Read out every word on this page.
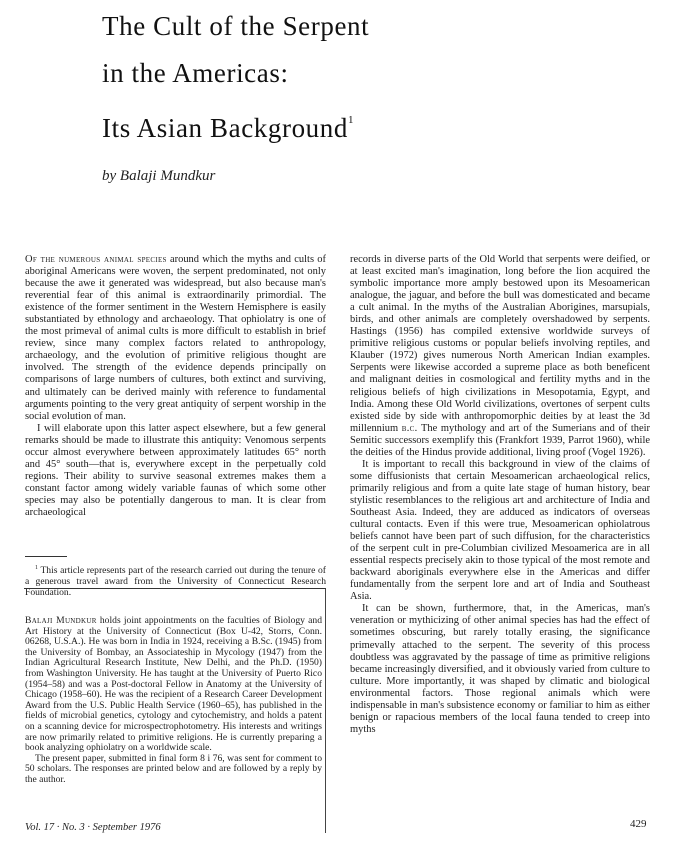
The Cult of the Serpent
in the Americas:
Its Asian Background$^1$
by Balaji Mundkur

Of the numerous animal species around which the myths and cults of aboriginal Americans were woven, the serpent predominated, not only because the awe it generated was widespread, but also because man's reverential fear of this animal is extraordinarily primordial. The existence of the former sentiment in the Western Hemisphere is easily substantiated by ethnology and archaeology. That ophiolatry is one of the most primeval of animal cults is more difficult to establish in brief review, since many complex factors related to anthropology, archaeology, and the evolution of primitive religious thought are involved. The strength of the evidence depends principally on comparisons of large numbers of cultures, both extinct and surviving, and ultimately can be derived mainly with reference to fundamental arguments pointing to the very great antiquity of serpent worship in the social evolution of man.

I will elaborate upon this latter aspect elsewhere, but a few general remarks should be made to illustrate this antiquity: Venomous serpents occur almost everywhere between approximately latitudes 65° north and 45° south—that is, everywhere except in the perpetually cold regions. Their ability to survive seasonal extremes makes them a constant factor among widely variable faunas of which some other species may also be potentially dangerous to man. It is clear from archaeological

$^1$ This article represents part of the research carried out during the tenure of a generous travel award from the University of Connecticut Research Foundation.

Balaji Mundkur holds joint appointments on the faculties of Biology and Art History at the University of Connecticut (Box U-42, Storrs, Conn. 06268, U.S.A.). He was born in India in 1924, receiving a B.Sc. (1945) from the University of Bombay, an Associateship in Mycology (1947) from the Indian Agricultural Research Institute, New Delhi, and the Ph.D. (1950) from Washington University. He has taught at the University of Puerto Rico (1954–58) and was a Post-doctoral Fellow in Anatomy at the University of Chicago (1958–60). He was the recipient of a Research Career Development Award from the U.S. Public Health Service (1960–65), has published in the fields of microbial genetics, cytology and cytochemistry, and holds a patent on a scanning device for microspectrophotometry. His interests and writings are now primarily related to primitive religions. He is currently preparing a book analyzing ophiolatry on a worldwide scale.

The present paper, submitted in final form 8 i 76, was sent for comment to 50 scholars. The responses are printed below and are followed by a reply by the author.

records in diverse parts of the Old World that serpents were deified, or at least excited man's imagination, long before the lion acquired the symbolic importance more amply bestowed upon its Mesoamerican analogue, the jaguar, and before the bull was domesticated and became a cult animal. In the myths of the Australian Aborigines, marsupials, birds, and other animals are completely overshadowed by serpents. Hastings (1956) has compiled extensive worldwide surveys of primitive religious customs or popular beliefs involving reptiles, and Klauber (1972) gives numerous North American Indian examples. Serpents were likewise accorded a supreme place as both beneficent and malignant deities in cosmological and fertility myths and in the religious beliefs of high civilizations in Mesopotamia, Egypt, and India. Among these Old World civilizations, overtones of serpent cults existed side by side with anthropomorphic deities by at least the 3d millennium b.c. The mythology and art of the Sumerians and of their Semitic successors exemplify this (Frankfort 1939, Parrot 1960), while the deities of the Hindus provide additional, living proof (Vogel 1926).

It is important to recall this background in view of the claims of some diffusionists that certain Mesoamerican archaeological relics, primarily religious and from a quite late stage of human history, bear stylistic resemblances to the religious art and architecture of India and Southeast Asia. Indeed, they are adduced as indicators of overseas cultural contacts. Even if this were true, Mesoamerican ophiolatrous beliefs cannot have been part of such diffusion, for the characteristics of the serpent cult in pre-Columbian civilized Mesoamerica are in all essential respects precisely akin to those typical of the most remote and backward aboriginals everywhere else in the Americas and differ fundamentally from the serpent lore and art of India and Southeast Asia.

It can be shown, furthermore, that, in the Americas, man's veneration or mythicizing of other animal species has had the effect of sometimes obscuring, but rarely totally erasing, the significance primevally attached to the serpent. The severity of this process doubtless was aggravated by the passage of time as primitive religions became increasingly diversified, and it obviously varied from culture to culture. More importantly, it was shaped by climatic and biological environmental factors. Those regional animals which were indispensable in man's subsistence economy or familiar to him as either benign or rapacious members of the local fauna tended to creep into myths

Vol. 17 · No. 3 · September 1976	429
